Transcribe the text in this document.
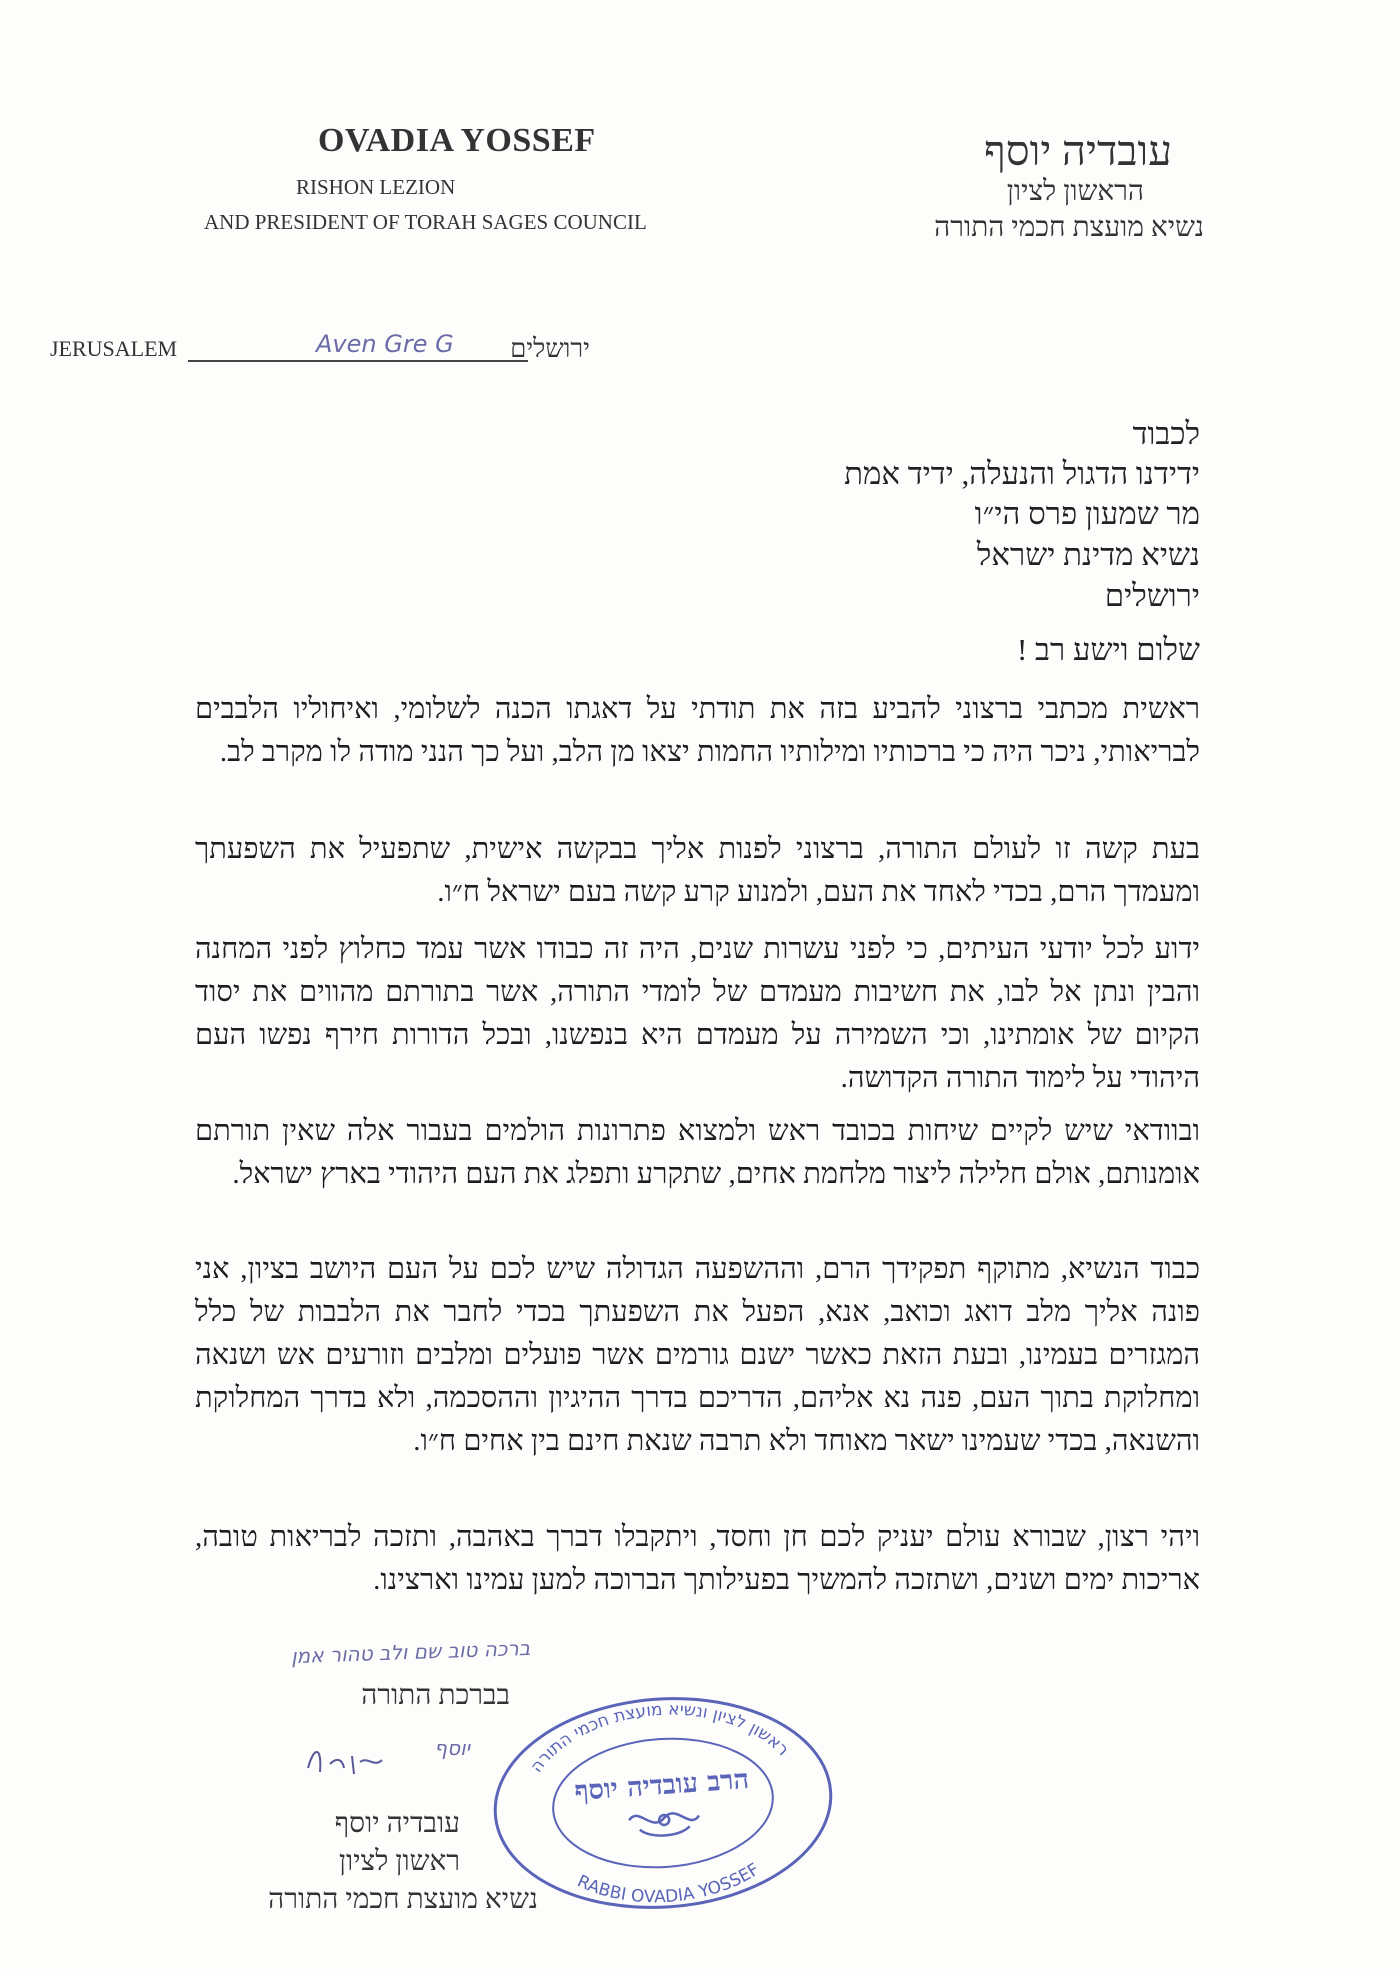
OVADIA YOSSEF
RISHON LEZION
AND PRESIDENT OF TORAH SAGES COUNCIL
עובדיה יוסף
הראשון לציון
נשיא מועצת חכמי התורה
JERUSALEM	Aven Gre G ירושלים
לכבוד
ידידנו הדגול והנעלה, ידיד אמת
מר שמעון פרס הי״ו
נשיא מדינת ישראל
ירושלים
שלום וישע רב !
ראשית מכתבי ברצוני להביע בזה את תודתי על דאגתו הכנה לשלומי, ואיחוליו הלבבים לבריאותי, ניכר היה כי ברכותיו ומילותיו החמות יצאו מן הלב, ועל כך הנני מודה לו מקרב לב.
בעת קשה זו לעולם התורה, ברצוני לפנות אליך בבקשה אישית, שתפעיל את השפעתך ומעמדך הרם, בכדי לאחד את העם, ולמנוע קרע קשה בעם ישראל ח״ו.
ידוע לכל יודעי העיתים, כי לפני עשרות שנים, היה זה כבודו אשר עמד כחלוץ לפני המחנה והבין ונתן אל לבו, את חשיבות מעמדם של לומדי התורה, אשר בתורתם מהווים את יסוד הקיום של אומתינו, וכי השמירה על מעמדם היא בנפשנו, ובכל הדורות חירף נפשו העם היהודי על לימוד התורה הקדושה.
ובוודאי שיש לקיים שיחות בכובד ראש ולמצוא פתרונות הולמים בעבור אלה שאין תורתם אומנותם, אולם חלילה ליצור מלחמת אחים, שתקרע ותפלג את העם היהודי בארץ ישראל.
כבוד הנשיא, מתוקף תפקידך הרם, וההשפעה הגדולה שיש לכם על העם היושב בציון, אני פונה אליך מלב דואג וכואב, אנא, הפעל את השפעתך בכדי לחבר את הלבבות של כלל המגזרים בעמינו, ובעת הזאת כאשר ישנם גורמים אשר פועלים ומלבים וזורעים אש ושנאה ומחלוקת בתוך העם, פנה נא אליהם, הדריכם בדרך ההיגיון וההסכמה, ולא בדרך המחלוקת והשנאה, בכדי שעמינו ישאר מאוחד ולא תרבה שנאת חינם בין אחים ח״ו.
ויהי רצון, שבורא עולם יעניק לכם חן וחסד, ויתקבלו דברך באהבה, ותזכה לבריאות טובה, אריכות ימים ושנים, ושתזכה להמשיך בפעילותך הברוכה למען עמינו וארצינו.
ברכה טוב שם ולב טהור אמן
בברכת התורה
יוסף
עובדיה יוסף
ראשון לציון
נשיא מועצת חכמי התורה
ראשון לציון ונשיא מועצת חכמי התורה
RABBI OVADIA YOSSEF
הרב עובדיה יוסף
